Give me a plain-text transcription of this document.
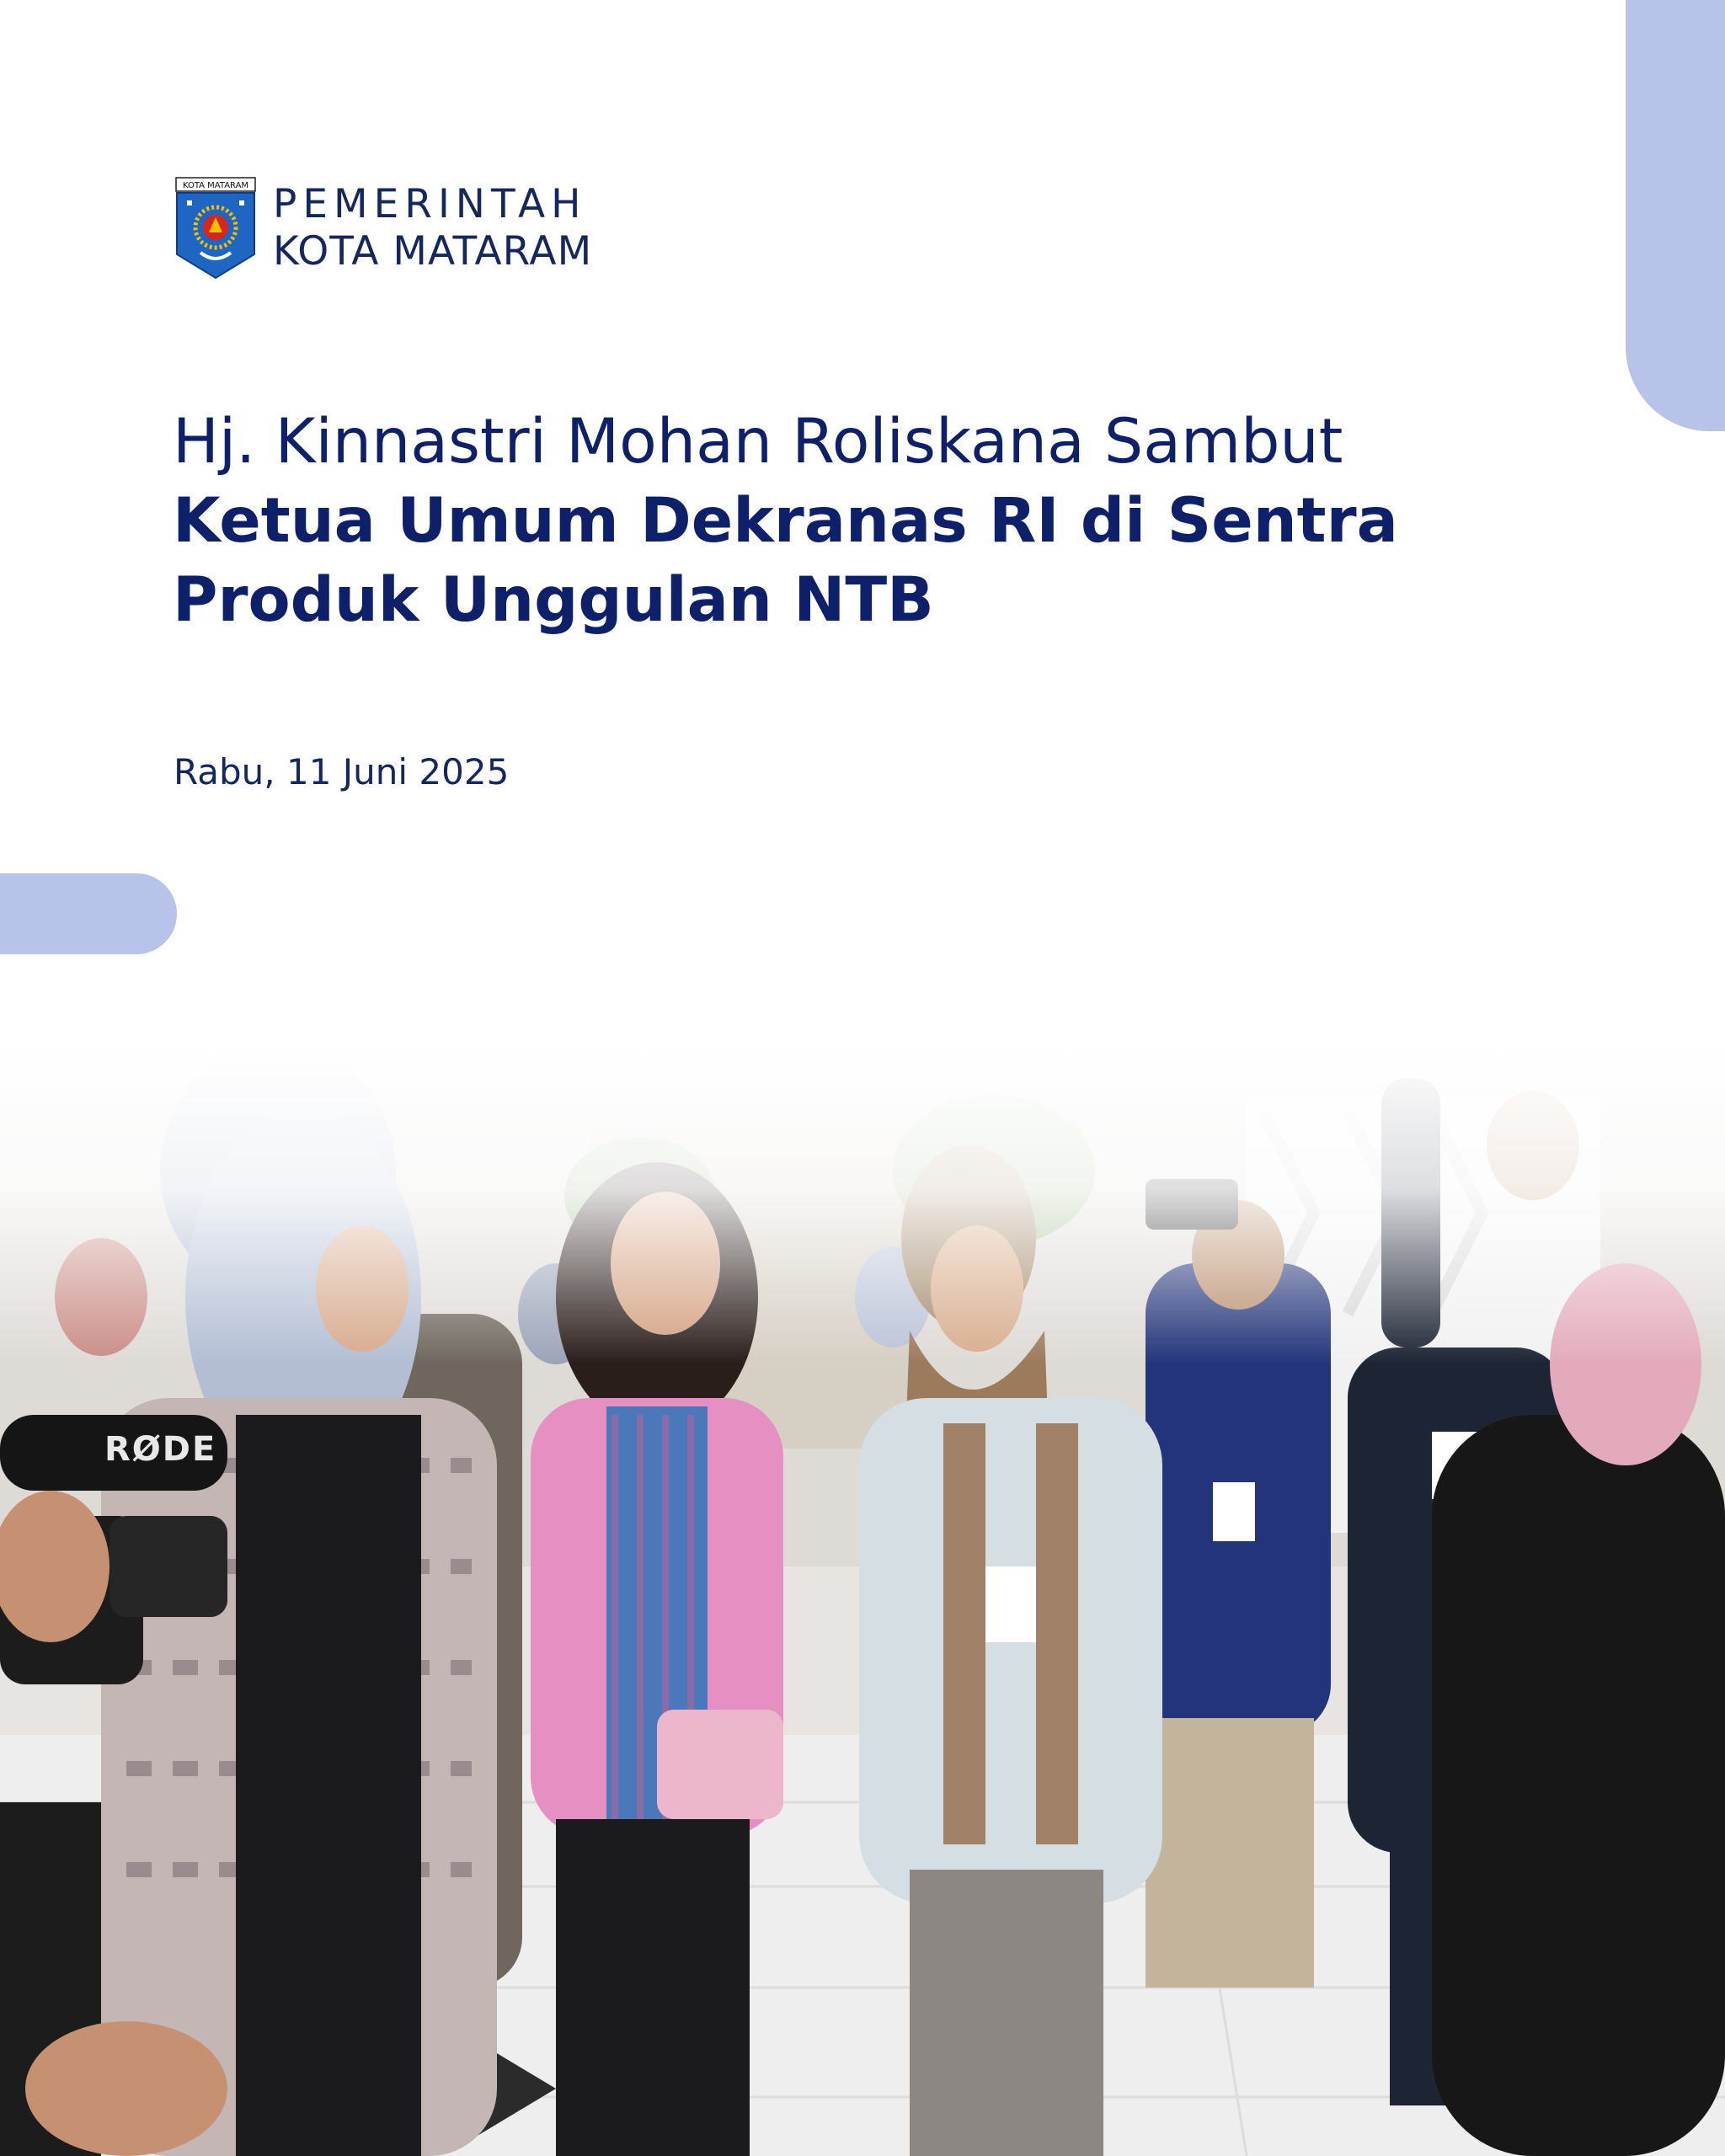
KOTA MATARAM PEMERINTAH
KOTA MATARAM
Hj. Kinnastri Mohan Roliskana Sambut
Ketua Umum Dekranas RI di Sentra Produk Unggulan NTB
Rabu, 11 Juni 2025
RØDE
